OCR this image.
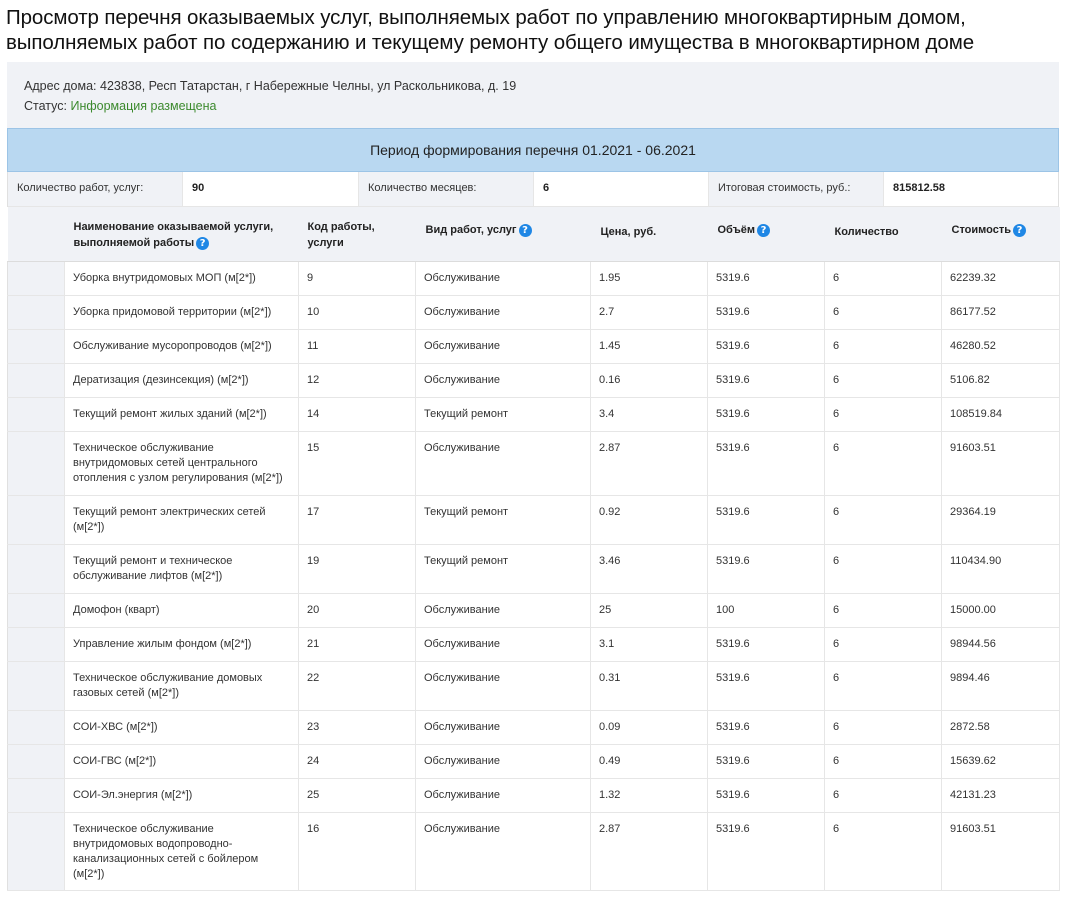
Просмотр перечня оказываемых услуг, выполняемых работ по управлению многоквартирным домом, выполняемых работ по содержанию и текущему ремонту общего имущества в многоквартирном доме
Адрес дома: 423838, Респ Татарстан, г Набережные Челны, ул Раскольникова, д. 19
Статус: Информация размещена
Период формирования перечня 01.2021 - 06.2021
Количество работ, услуг:	90	Количество месяцев:	6	Итоговая стоимость, руб.:	815812.58
	Наименование оказываемой услуги, выполняемой работы ?	Код работы, услуги	Вид работ, услуг ?	Цена, руб.	Объём ?	Количество	Стоимость ?
	Уборка внутридомовых МОП (м[2*])	9	Обслуживание	1.95	5319.6	6	62239.32
	Уборка придомовой территории (м[2*])	10	Обслуживание	2.7	5319.6	6	86177.52
	Обслуживание мусоропроводов (м[2*])	11	Обслуживание	1.45	5319.6	6	46280.52
	Дератизация (дезинсекция) (м[2*])	12	Обслуживание	0.16	5319.6	6	5106.82
	Текущий ремонт жилых зданий (м[2*])	14	Текущий ремонт	3.4	5319.6	6	108519.84
	Техническое обслуживание внутридомовых сетей центрального отопления с узлом регулирования (м[2*])	15	Обслуживание	2.87	5319.6	6	91603.51
	Текущий ремонт электрических сетей (м[2*])	17	Текущий ремонт	0.92	5319.6	6	29364.19
	Текущий ремонт и техническое обслуживание лифтов (м[2*])	19	Текущий ремонт	3.46	5319.6	6	110434.90
	Домофон (кварт)	20	Обслуживание	25	100	6	15000.00
	Управление жилым фондом (м[2*])	21	Обслуживание	3.1	5319.6	6	98944.56
	Техническое обслуживание домовых газовых сетей (м[2*])	22	Обслуживание	0.31	5319.6	6	9894.46
	СОИ-ХВС (м[2*])	23	Обслуживание	0.09	5319.6	6	2872.58
	СОИ-ГВС (м[2*])	24	Обслуживание	0.49	5319.6	6	15639.62
	СОИ-Эл.энергия (м[2*])	25	Обслуживание	1.32	5319.6	6	42131.23
	Техническое обслуживание внутридомовых водопроводно-канализационных сетей с бойлером (м[2*])	16	Обслуживание	2.87	5319.6	6	91603.51
